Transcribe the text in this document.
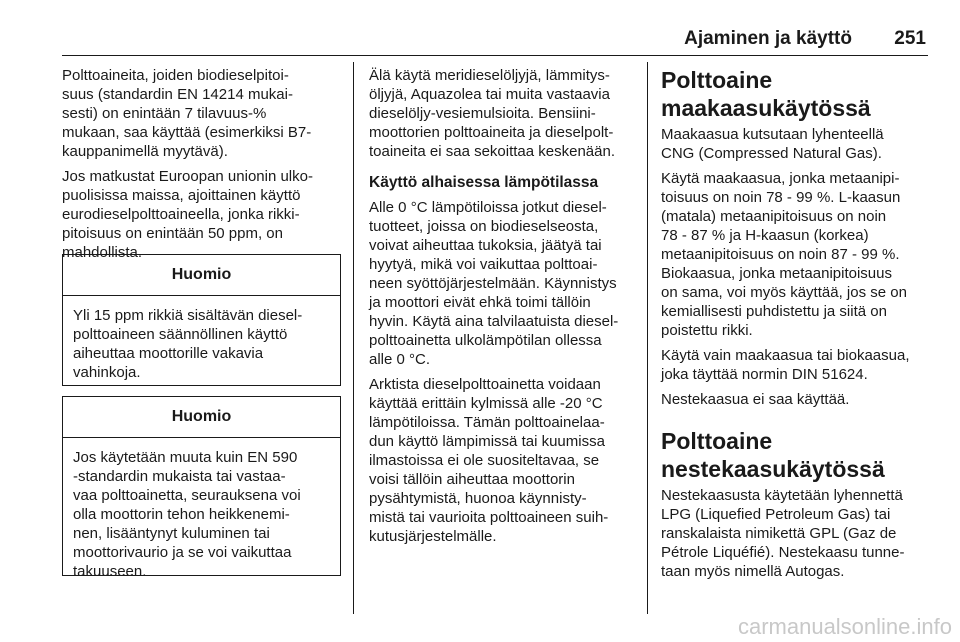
Ajaminen ja käyttö 251

Polttoaineita, joiden biodieselpitoi-
suus (standardin EN 14214 mukai-
sesti) on enintään 7 tilavuus-%
mukaan, saa käyttää (esimerkiksi B7-
kauppanimellä myytävä).

Jos matkustat Euroopan unionin ulko-
puolisissa maissa, ajoittainen käyttö
eurodieselpolttoaineella, jonka rikki-
pitoisuus on enintään 50 ppm, on
mahdollista.

Huomio
Yli 15 ppm rikkiä sisältävän diesel-
polttoaineen säännöllinen käyttö
aiheuttaa moottorille vakavia
vahinkoja.
Huomio
Jos käytetään muuta kuin EN 590
-standardin mukaista tai vastaa-
vaa polttoainetta, seurauksena voi
olla moottorin tehon heikkenemi-
nen, lisääntynyt kuluminen tai
moottorivaurio ja se voi vaikuttaa
takuuseen.

Älä käytä meridieselöljyjä, lämmitys-
öljyjä, Aquazolea tai muita vastaavia
dieselöljy-vesiemulsioita. Bensiini-
moottorien polttoaineita ja dieselpolt-
toaineita ei saa sekoittaa keskenään.

Käyttö alhaisessa lämpötilassa

Alle 0 °C lämpötiloissa jotkut diesel-
tuotteet, joissa on biodieselseosta,
voivat aiheuttaa tukoksia, jäätyä tai
hyytyä, mikä voi vaikuttaa polttoai-
neen syöttöjärjestelmään. Käynnistys
ja moottori eivät ehkä toimi tällöin
hyvin. Käytä aina talvilaatuista diesel-
polttoainetta ulkolämpötilan ollessa
alle 0 °C.

Arktista dieselpolttoainetta voidaan
käyttää erittäin kylmissä alle -20 °C
lämpötiloissa. Tämän polttoainelaa-
dun käyttö lämpimissä tai kuumissa
ilmastoissa ei ole suositeltavaa, se
voisi tällöin aiheuttaa moottorin
pysähtymistä, huonoa käynnisty-
mistä tai vaurioita polttoaineen suih-
kutusjärjestelmälle.

Polttoaine
maakaasukäytössä

Maakaasua kutsutaan lyhenteellä
CNG (Compressed Natural Gas).

Käytä maakaasua, jonka metaanipi-
toisuus on noin 78 - 99 %. L-kaasun
(matala) metaanipitoisuus on noin
78 - 87 % ja H-kaasun (korkea)
metaanipitoisuus on noin 87 - 99 %.
Biokaasua, jonka metaanipitoisuus
on sama, voi myös käyttää, jos se on
kemiallisesti puhdistettu ja siitä on
poistettu rikki.

Käytä vain maakaasua tai biokaasua,
joka täyttää normin DIN 51624.

Nestekaasua ei saa käyttää.

Polttoaine
nestekaasukäytössä

Nestekaasusta käytetään lyhennettä
LPG (Liquefied Petroleum Gas) tai
ranskalaista nimikettä GPL (Gaz de
Pétrole Liquéfié). Nestekaasu tunne-
taan myös nimellä Autogas.

carmanualsonline.info
